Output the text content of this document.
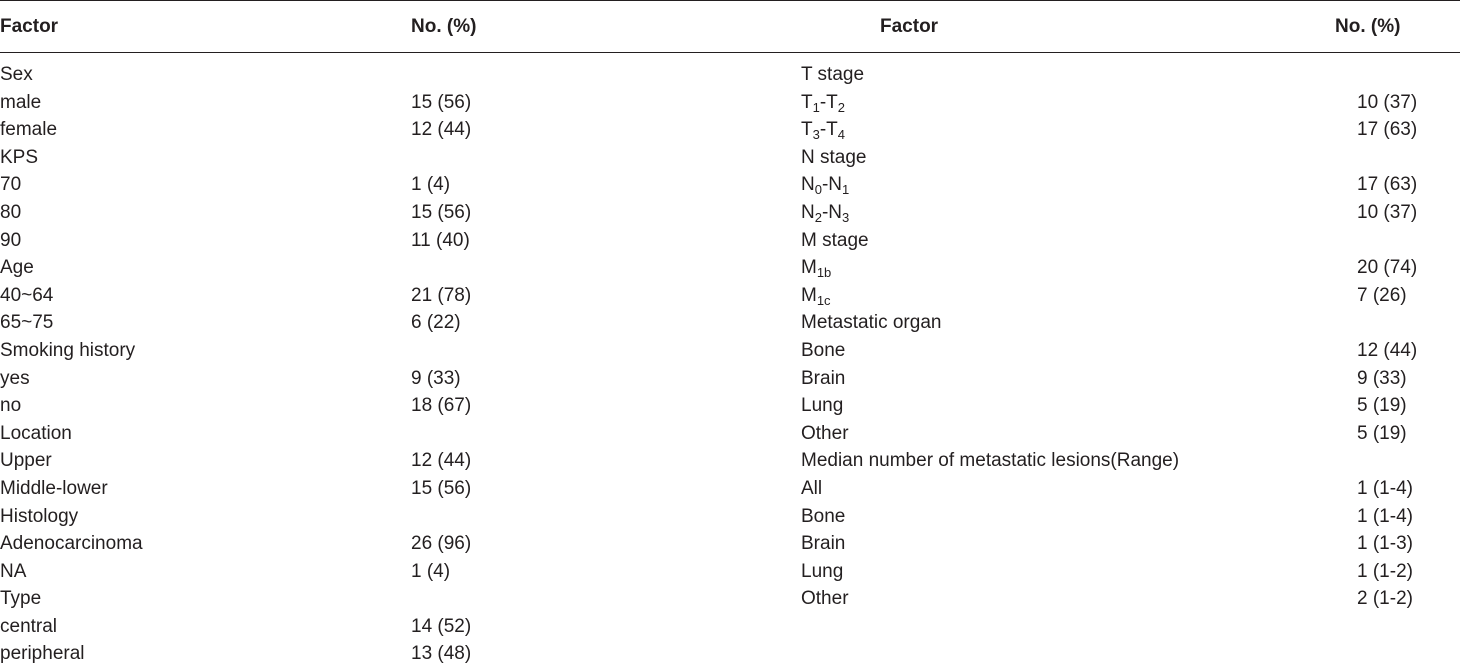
Factor	No. (%)	Factor	No. (%)
Sex
male	15 (56)
female	12 (44)
KPS
70	1 (4)
80	15 (56)
90	11 (40)
Age
40~64	21 (78)
65~75	6 (22)
Smoking history
yes	9 (33)
no	18 (67)
Location
Upper	12 (44)
Middle-lower	15 (56)
Histology
Adenocarcinoma	26 (96)
NA	1 (4)
Type
central	14 (52)
peripheral	13 (48)
T stage
$T_1-T_2$	10 (37)
$T_3-T_4$	17 (63)
N stage
$N_0-N_1$	17 (63)
$N_2-N_3$	10 (37)
M stage
$M_{1b}$	20 (74)
$M_{1c}$	7 (26)
Metastatic organ
Bone	12 (44)
Brain	9 (33)
Lung	5 (19)
Other	5 (19)
Median number of metastatic lesions(Range)
All	1 (1-4)
Bone	1 (1-4)
Brain	1 (1-3)
Lung	1 (1-2)
Other	2 (1-2)
